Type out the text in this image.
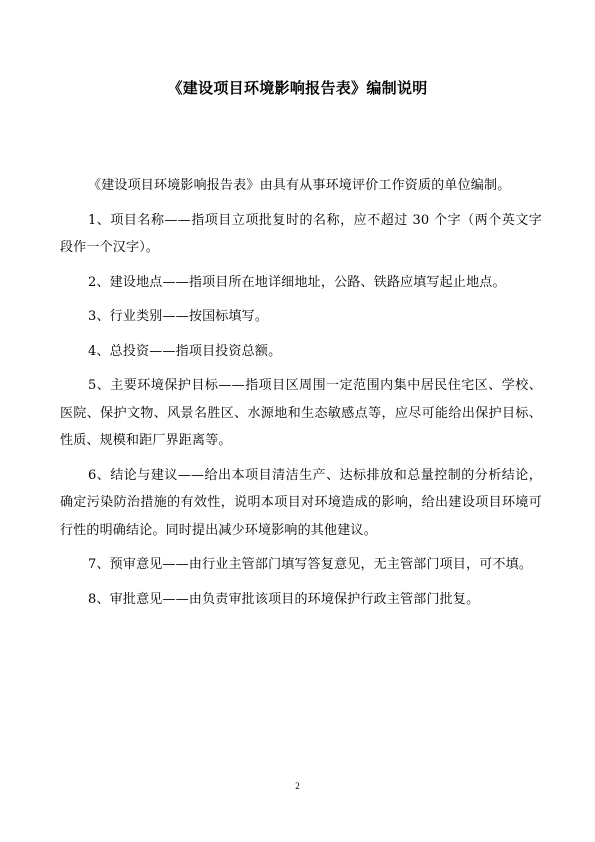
《建设项目环境影响报告表》编制说明

《建设项目环境影响报告表》由具有从事环境评价工作资质的单位编制。

1、项目名称——指项目立项批复时的名称，应不超过 30 个字（两个英文字段作一个汉字）。

2、建设地点——指项目所在地详细地址，公路、铁路应填写起止地点。

3、行业类别——按国标填写。

4、总投资——指项目投资总额。

5、主要环境保护目标——指项目区周围一定范围内集中居民住宅区、学校、医院、保护文物、风景名胜区、水源地和生态敏感点等，应尽可能给出保护目标、性质、规模和距厂界距离等。

6、结论与建议——给出本项目清洁生产、达标排放和总量控制的分析结论，确定污染防治措施的有效性，说明本项目对环境造成的影响，给出建设项目环境可行性的明确结论。同时提出减少环境影响的其他建议。

7、预审意见——由行业主管部门填写答复意见，无主管部门项目，可不填。

8、审批意见——由负责审批该项目的环境保护行政主管部门批复。

2
